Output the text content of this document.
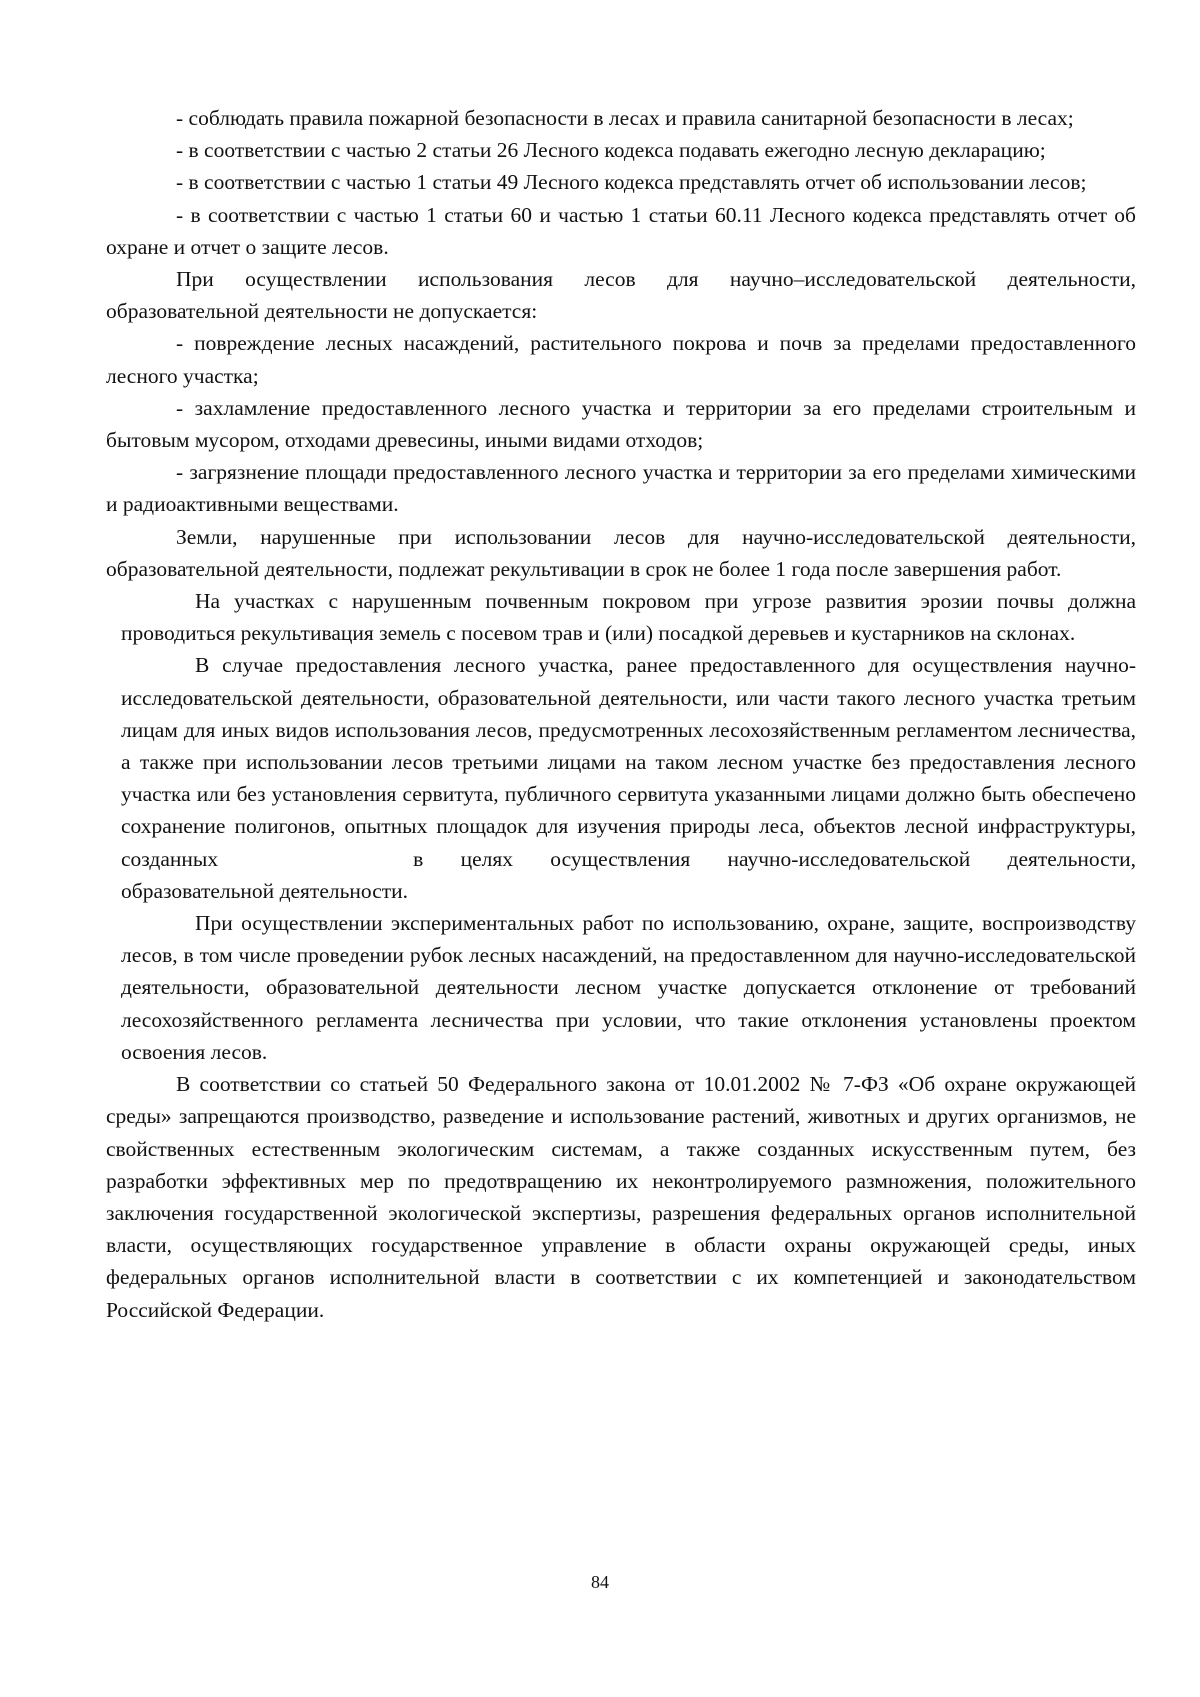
- соблюдать правила пожарной безопасности в лесах и правила санитарной безопасности в лесах;

- в соответствии с частью 2 статьи 26 Лесного кодекса подавать ежегодно лесную декларацию;

- в соответствии с частью 1 статьи 49 Лесного кодекса представлять отчет об использовании лесов;

- в соответствии с частью 1 статьи 60 и частью 1 статьи 60.11 Лесного кодекса представлять отчет об охране и отчет о защите лесов.

При осуществлении использования лесов для научно–исследовательской деятельности, образовательной деятельности не допускается:

- повреждение лесных насаждений, растительного покрова и почв за пределами предоставленного лесного участка;

- захламление предоставленного лесного участка и территории за его пределами строительным и бытовым мусором, отходами древесины, иными видами отходов;

- загрязнение площади предоставленного лесного участка и территории за его пределами химическими и радиоактивными веществами.

Земли, нарушенные при использовании лесов для научно-исследовательской деятельности, образовательной деятельности, подлежат рекультивации в срок не более 1 года после завершения работ.

На участках с нарушенным почвенным покровом при угрозе развития эрозии почвы должна проводиться рекультивация земель с посевом трав и (или) посадкой деревьев и кустарников на склонах.

В случае предоставления лесного участка, ранее предоставленного для осуществления научно-исследовательской деятельности, образовательной деятельности, или части такого лесного участка третьим лицам для иных видов использования лесов, предусмотренных лесохозяйственным регламентом лесничества, а также при использовании лесов третьими лицами на таком лесном участке без предоставления лесного участка или без установления сервитута, публичного сервитута указанными лицами должно быть обеспечено сохранение полигонов, опытных площадок для изучения природы леса, объектов лесной инфраструктуры, созданных	в целях осуществления научно-исследовательской деятельности, образовательной деятельности.

При осуществлении экспериментальных работ по использованию, охране, защите, воспроизводству лесов, в том числе проведении рубок лесных насаждений, на предоставленном для научно-исследовательской деятельности, образовательной деятельности лесном участке допускается отклонение от требований лесохозяйственного регламента лесничества при условии, что такие отклонения установлены проектом освоения лесов.

В соответствии со статьей 50 Федерального закона от 10.01.2002 № 7-ФЗ «Об охране окружающей среды» запрещаются производство, разведение и использование растений, животных и других организмов, не свойственных естественным экологическим системам, а также созданных искусственным путем, без разработки эффективных мер по предотвращению их неконтролируемого размножения, положительного заключения государственной экологической экспертизы, разрешения федеральных органов исполнительной власти, осуществляющих государственное управление в области охраны окружающей среды, иных федеральных органов исполнительной власти в соответствии с их компетенцией и законодательством Российской Федерации.

84
